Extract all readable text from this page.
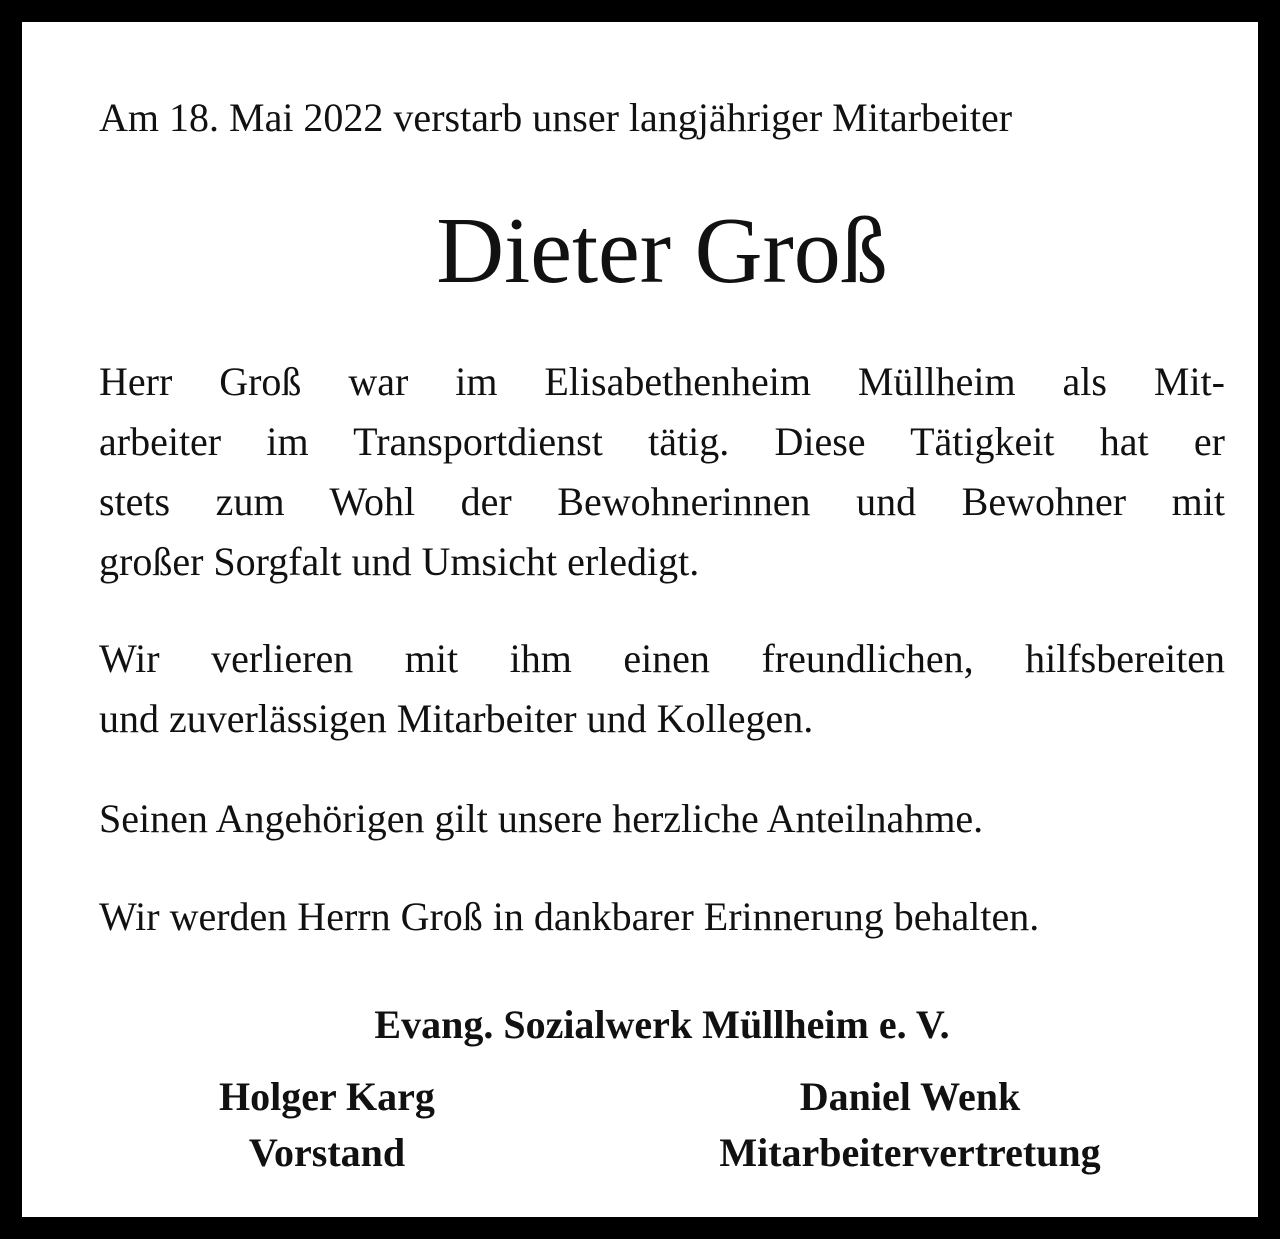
Am 18. Mai 2022 verstarb unser langjähriger Mitarbeiter

Dieter Groß
Herr Groß war im Elisabethenheim Müllheim als Mit-
arbeiter im Transportdienst tätig. Diese Tätigkeit hat er
stets zum Wohl der Bewohnerinnen und Bewohner mit
großer Sorgfalt und Umsicht erledigt.
Wir verlieren mit ihm einen freundlichen, hilfsbereiten
und zuverlässigen Mitarbeiter und Kollegen.
Seinen Angehörigen gilt unsere herzliche Anteilnahme.
Wir werden Herrn Groß in dankbarer Erinnerung behalten.

Evang. Sozialwerk Müllheim e. V.

Holger Karg
Vorstand
Daniel Wenk
Mitarbeitervertretung
